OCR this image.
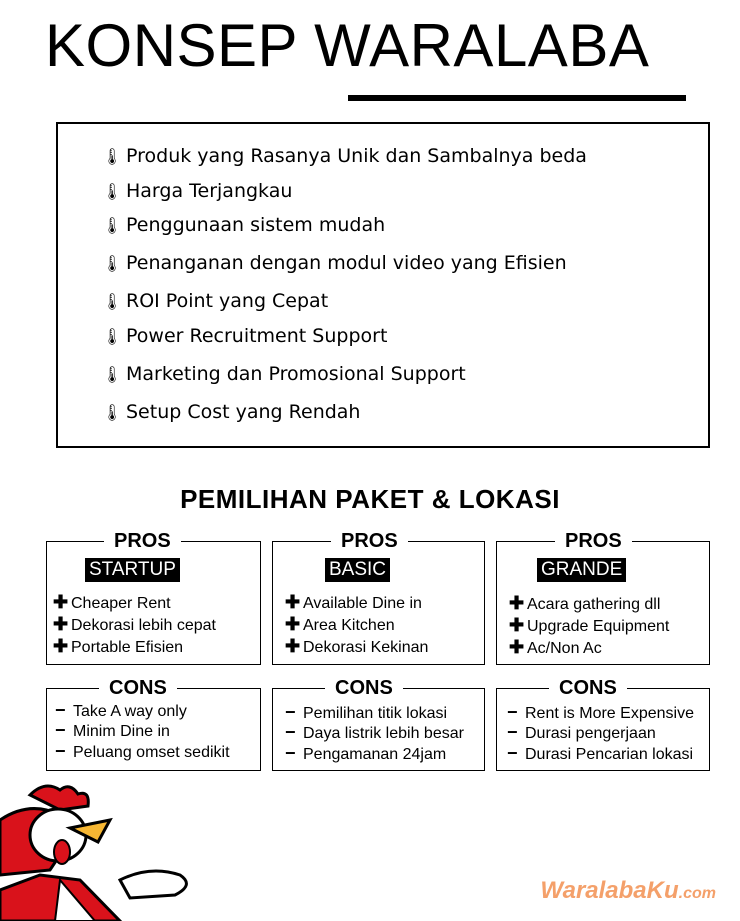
KONSEP WARALABA
🌡 Produk yang Rasanya Unik dan Sambalnya beda
🌡 Harga Terjangkau
🌡 Penggunaan sistem mudah
🌡 Penanganan dengan modul video yang Efisien
🌡 ROI Point yang Cepat
🌡 Power Recruitment Support
🌡 Marketing dan Promosional Support
🌡 Setup Cost yang Rendah
PEMILIHAN PAKET & LOKASI
PROS
STARTUP
✚ Cheaper Rent
✚ Dekorasi lebih cepat
✚ Portable Efisien
PROS
BASIC
✚ Available Dine in
✚ Area Kitchen
✚ Dekorasi Kekinan
PROS
GRANDE
✚ Acara gathering dll
✚ Upgrade Equipment
✚ Ac/Non Ac
CONS
− Take A way only
− Minim Dine in
− Peluang omset sedikit
CONS
− Pemilihan titik lokasi
− Daya listrik lebih besar
− Pengamanan 24jam
CONS
− Rent is More Expensive
− Durasi pengerjaan
− Durasi Pencarian lokasi
WaralabaKu.com
